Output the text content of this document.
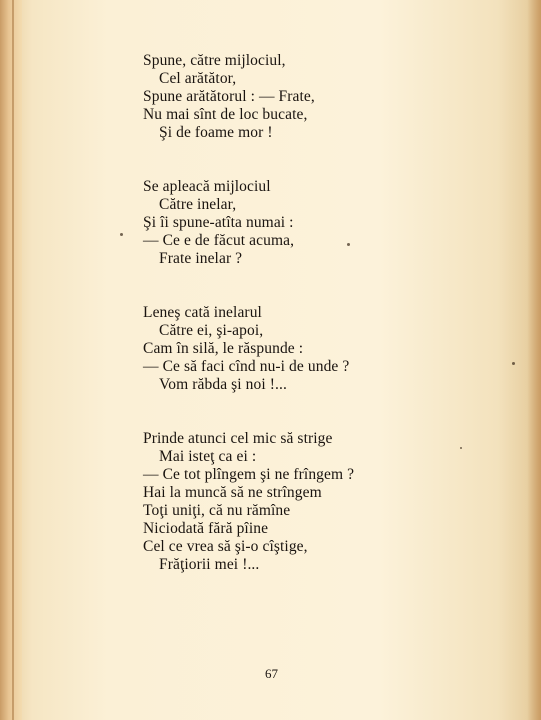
Spune, către mijlociul,
Cel arătător,
Spune arătătorul : — Frate,
Nu mai sînt de loc bucate,
Şi de foame mor !
Se apleacă mijlociul
Către inelar,
Şi îi spune-atîta numai :
— Ce e de făcut acuma,
Frate inelar ?
Leneş cată inelarul
Către ei, şi-apoi,
Cam în silă, le răspunde :
— Ce să faci cînd nu-i de unde ?
Vom răbda şi noi !...
Prinde atunci cel mic să strige
Mai isteţ ca ei :
— Ce tot plîngem şi ne frîngem ?
Hai la muncă să ne strîngem
Toţi uniţi, că nu rămîne
Niciodată fără pîine
Cel ce vrea să şi-o cîştige,
Frăţiorii mei !...
67
